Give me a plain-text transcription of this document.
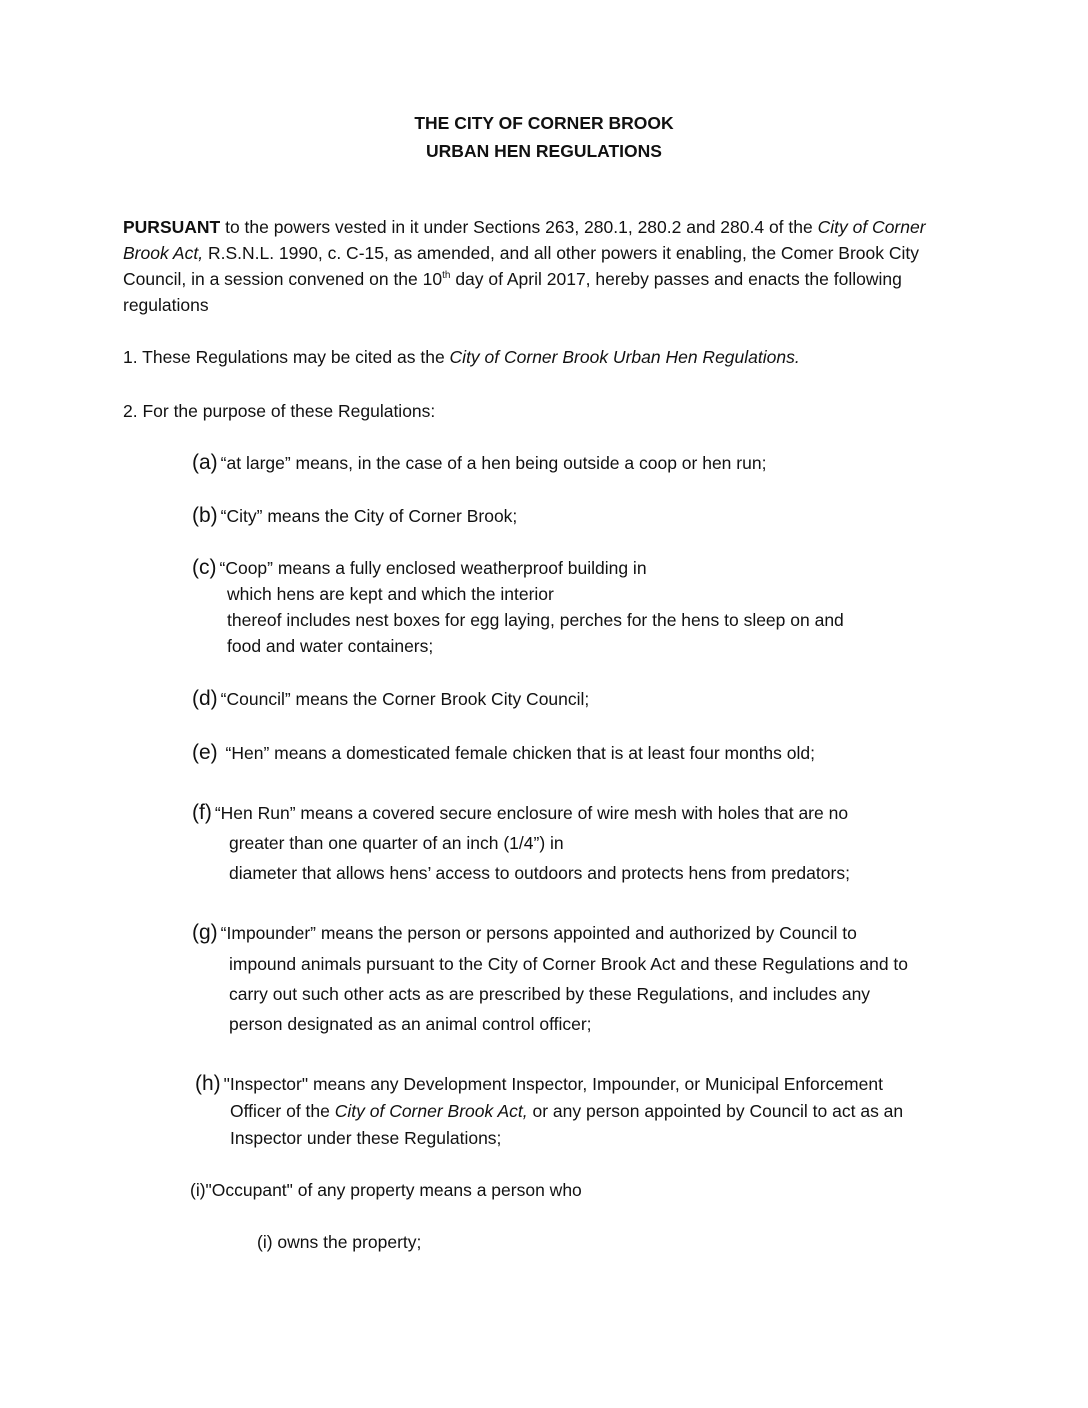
THE CITY OF CORNER BROOK

URBAN HEN REGULATIONS

PURSUANT to the powers vested in it under Sections 263, 280.1, 280.2 and 280.4 of the City of Corner

Brook Act, R.S.N.L. 1990, c. C-15, as amended, and all other powers it enabling, the Comer Brook City

Council, in a session convened on the 10th day of April 2017, hereby passes and enacts the following

regulations

1. These Regulations may be cited as the City of Corner Brook Urban Hen Regulations.

2. For the purpose of these Regulations:

(a) “at large” means, in the case of a hen being outside a coop or hen run;

(b) “City” means the City of Corner Brook;

(c) “Coop” means a fully enclosed weatherproof building in

which hens are kept and which the interior

thereof includes nest boxes for egg laying, perches for the hens to sleep on and

food and water containers;

(d) “Council” means the Corner Brook City Council;

(e) “Hen” means a domesticated female chicken that is at least four months old;

(f) “Hen Run” means a covered secure enclosure of wire mesh with holes that are no

greater than one quarter of an inch (1/4”) in

diameter that allows hens’ access to outdoors and protects hens from predators;

(g) “Impounder” means the person or persons appointed and authorized by Council to

impound animals pursuant to the City of Corner Brook Act and these Regulations and to

carry out such other acts as are prescribed by these Regulations, and includes any

person designated as an animal control officer;

(h) "Inspector" means any Development Inspector, Impounder, or Municipal Enforcement

Officer of the City of Corner Brook Act, or any person appointed by Council to act as an

Inspector under these Regulations;

(i)"Occupant" of any property means a person who

(i) owns the property;
